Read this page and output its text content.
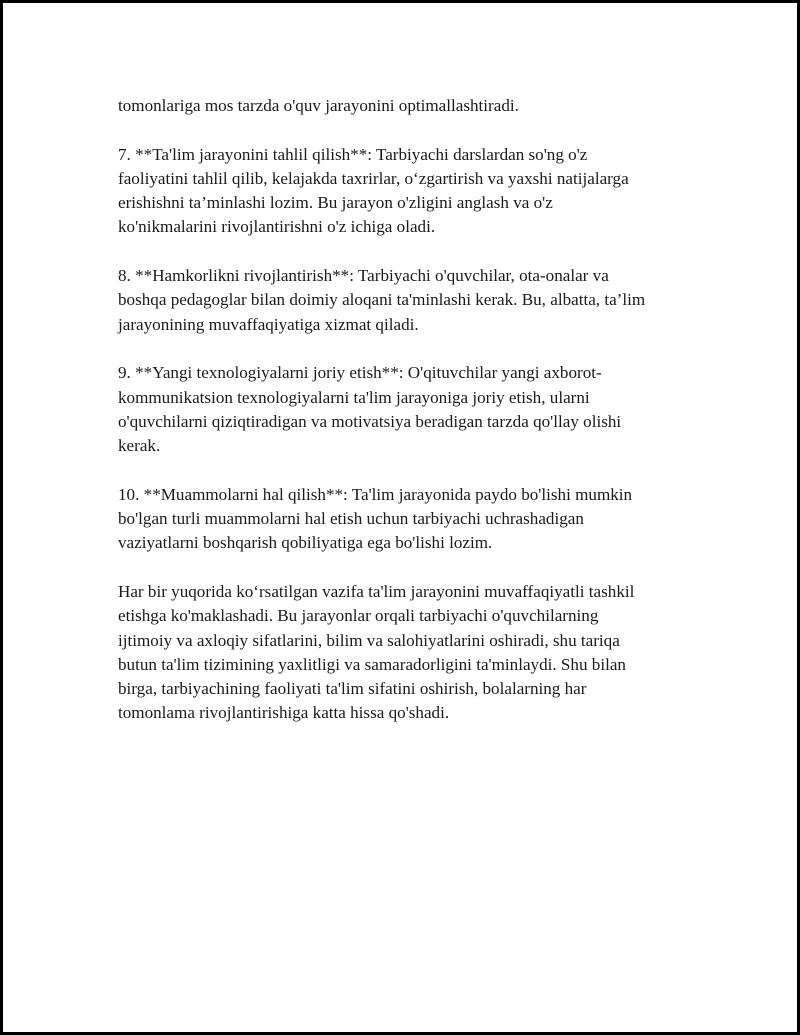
tomonlariga mos tarzda o'quv jarayonini optimallashtiradi.

7. **Ta'lim jarayonini tahlil qilish**: Tarbiyachi darslardan so'ng o'z
faoliyatini tahlil qilib, kelajakda taxrirlar, o‘zgartirish va yaxshi natijalarga
erishishni ta’minlashi lozim. Bu jarayon o'zligini anglash va o'z
ko'nikmalarini rivojlantirishni o'z ichiga oladi.

8. **Hamkorlikni rivojlantirish**: Tarbiyachi o'quvchilar, ota-onalar va
boshqa pedagoglar bilan doimiy aloqani ta'minlashi kerak. Bu, albatta, ta’lim
jarayonining muvaffaqiyatiga xizmat qiladi.

9. **Yangi texnologiyalarni joriy etish**: O'qituvchilar yangi axborot-
kommunikatsion texnologiyalarni ta'lim jarayoniga joriy etish, ularni
o'quvchilarni qiziqtiradigan va motivatsiya beradigan tarzda qo'llay olishi
kerak.

10. **Muammolarni hal qilish**: Ta'lim jarayonida paydo bo'lishi mumkin
bo'lgan turli muammolarni hal etish uchun tarbiyachi uchrashadigan
vaziyatlarni boshqarish qobiliyatiga ega bo'lishi lozim.

Har bir yuqorida ko‘rsatilgan vazifa ta'lim jarayonini muvaffaqiyatli tashkil
etishga ko'maklashadi. Bu jarayonlar orqali tarbiyachi o'quvchilarning
ijtimoiy va axloqiy sifatlarini, bilim va salohiyatlarini oshiradi, shu tariqa
butun ta'lim tizimining yaxlitligi va samaradorligini ta'minlaydi. Shu bilan
birga, tarbiyachining faoliyati ta'lim sifatini oshirish, bolalarning har
tomonlama rivojlantirishiga katta hissa qo'shadi.
